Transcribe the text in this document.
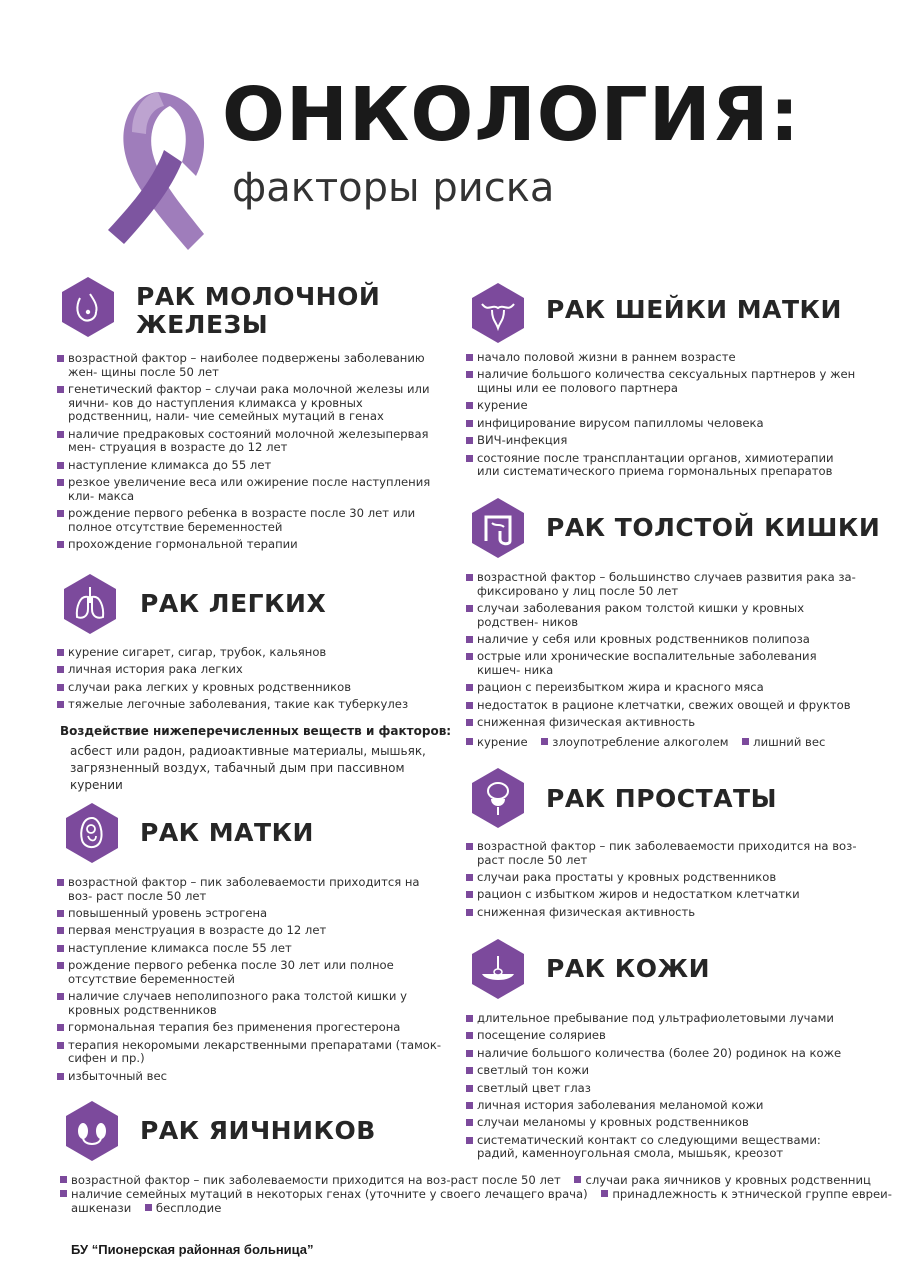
ОНКОЛОГИЯ:
факторы риска
РАК МОЛОЧНОЙ
ЖЕЛЕЗЫ
возрастной фактор – наиболее подвержены заболеванию жен- щины после 50 лет
генетический фактор – случаи рака молочной железы или яични- ков до наступления климакса у кровных родственниц, нали- чие семейных мутаций в генах
наличие предраковых состояний молочной железыпервая мен- струация в возрасте до 12 лет
наступление климакса до 55 лет
резкое увеличение веса или ожирение после наступления кли- макса
рождение первого ребенка в возрасте после 30 лет или полное отсутствие беременностей
прохождение гормональной терапии
РАК ЛЕГКИХ
курение сигарет, сигар, трубок, кальянов
личная история рака легких
случаи рака легких у кровных родственников
тяжелые легочные заболевания, такие как туберкулез
Воздействие нижеперечисленных веществ и факторов:
асбест или радон, радиоактивные материалы, мышьяк, загрязненный воздух, табачный дым при пассивном курении
РАК МАТКИ
возрастной фактор – пик заболеваемости приходится на воз- раст после 50 лет
повышенный уровень эстрогена
первая менструация в возрасте до 12 лет
наступление климакса после 55 лет
рождение первого ребенка после 30 лет или полное отсутствие беременностей
наличие случаев неполипозного рака толстой кишки у кровных родственников
гормональная терапия без применения прогестерона
терапия некоромыми лекарственными препаратами (тамок- сифен и пр.)
избыточный вес
РАК ЯИЧНИКОВ
возрастной фактор – пик заболеваемости приходится на воз-раст после 50 лет случаи рака яичников у кровных родственниц
наличие семейных мутаций в некоторых генах (уточните у своего лечащего врача) принадлежность к этнической группе евреи-
ашкенази бесплодие
РАК ШЕЙКИ МАТКИ
начало половой жизни в раннем возрасте
наличие большого количества сексуальных партнеров у жен щины или ее полового партнера
курение
инфицирование вирусом папилломы человека
ВИЧ-инфекция
состояние после трансплантации органов, химиотерапии или систематического приема гормональных препаратов
РАК ТОЛСТОЙ КИШКИ
возрастной фактор – большинство случаев развития рака за- фиксировано у лиц после 50 лет
случаи заболевания раком толстой кишки у кровных родствен- ников
наличие у себя или кровных родственников полипоза
острые или хронические воспалительные заболевания кишеч- ника
рацион с переизбытком жира и красного мяса
недостаток в рационе клетчатки, свежих овощей и фруктов
сниженная физическая активность
курение злоупотребление алкоголем лишний вес
РАК ПРОСТАТЫ
возрастной фактор – пик заболеваемости приходится на воз- раст после 50 лет
случаи рака простаты у кровных родственников
рацион с избытком жиров и недостатком клетчатки
сниженная физическая активность
РАК КОЖИ
длительное пребывание под ультрафиолетовыми лучами
посещение соляриев
наличие большого количества (более 20) родинок на коже
светлый тон кожи
светлый цвет глаз
личная история заболевания меланомой кожи
случаи меланомы у кровных родственников
систематический контакт со следующими веществами: радий, каменноугольная смола, мышьяк, креозот
БУ “Пионерская районная больница”
